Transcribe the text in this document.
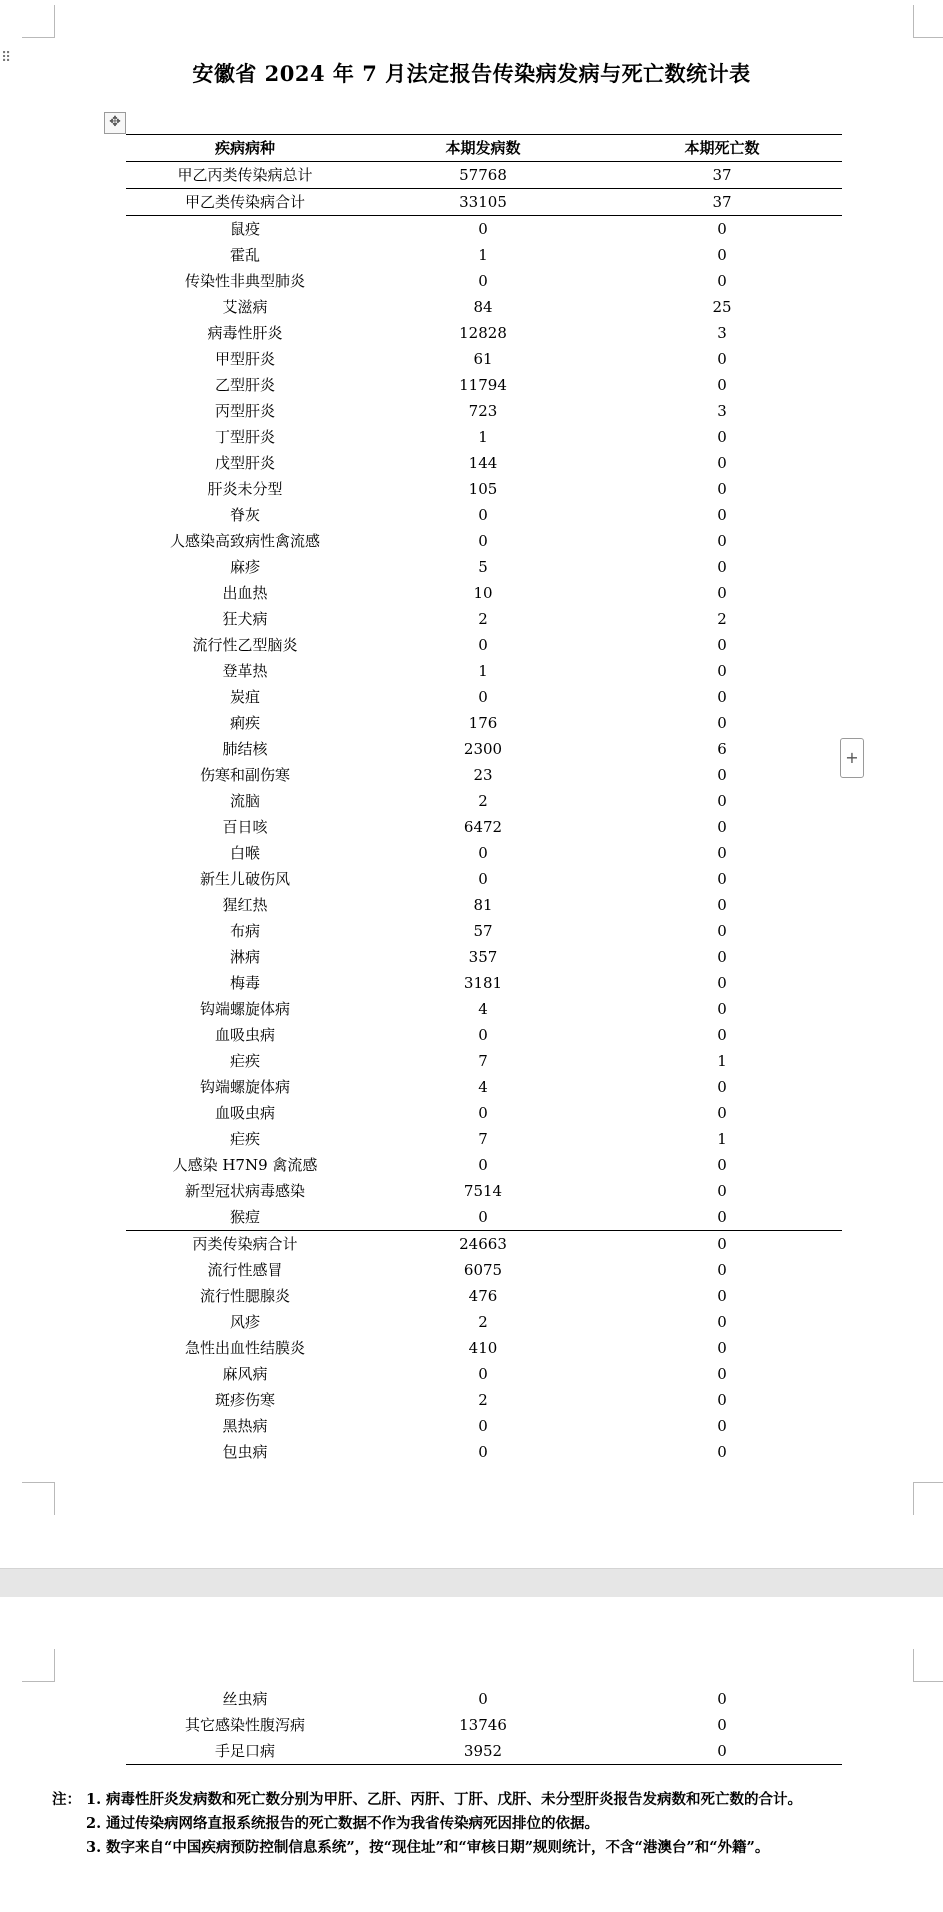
⠿
安徽省 2024 年 7 月法定报告传染病发病与死亡数统计表
✥
疾病病种	本期发病数	本期死亡数
甲乙丙类传染病总计	57768	37
甲乙类传染病合计	33105	37
鼠疫	0	0
霍乱	1	0
传染性非典型肺炎	0	0
艾滋病	84	25
病毒性肝炎	12828	3
甲型肝炎	61	0
乙型肝炎	11794	0
丙型肝炎	723	3
丁型肝炎	1	0
戊型肝炎	144	0
肝炎未分型	105	0
脊灰	0	0
人感染高致病性禽流感	0	0
麻疹	5	0
出血热	10	0
狂犬病	2	2
流行性乙型脑炎	0	0
登革热	1	0
炭疽	0	0
痢疾	176	0
肺结核	2300	6
伤寒和副伤寒	23	0
流脑	2	0
百日咳	6472	0
白喉	0	0
新生儿破伤风	0	0
猩红热	81	0
布病	57	0
淋病	357	0
梅毒	3181	0
钩端螺旋体病	4	0
血吸虫病	0	0
疟疾	7	1
钩端螺旋体病	4	0
血吸虫病	0	0
疟疾	7	1
人感染 H7N9 禽流感	0	0
新型冠状病毒感染	7514	0
猴痘	0	0
丙类传染病合计	24663	0
流行性感冒	6075	0
流行性腮腺炎	476	0
风疹	2	0
急性出血性结膜炎	410	0
麻风病	0	0
斑疹伤寒	2	0
黑热病	0	0
包虫病	0	0
+
丝虫病	0	0
其它感染性腹泻病	13746	0
手足口病	3952	0
注： 1. 病毒性肝炎发病数和死亡数分别为甲肝、乙肝、丙肝、丁肝、戊肝、未分型肝炎报告发病数和死亡数的合计。
2. 通过传染病网络直报系统报告的死亡数据不作为我省传染病死因排位的依据。
3. 数字来自“中国疾病预防控制信息系统”，按“现住址”和“审核日期”规则统计，不含“港澳台”和“外籍”。
